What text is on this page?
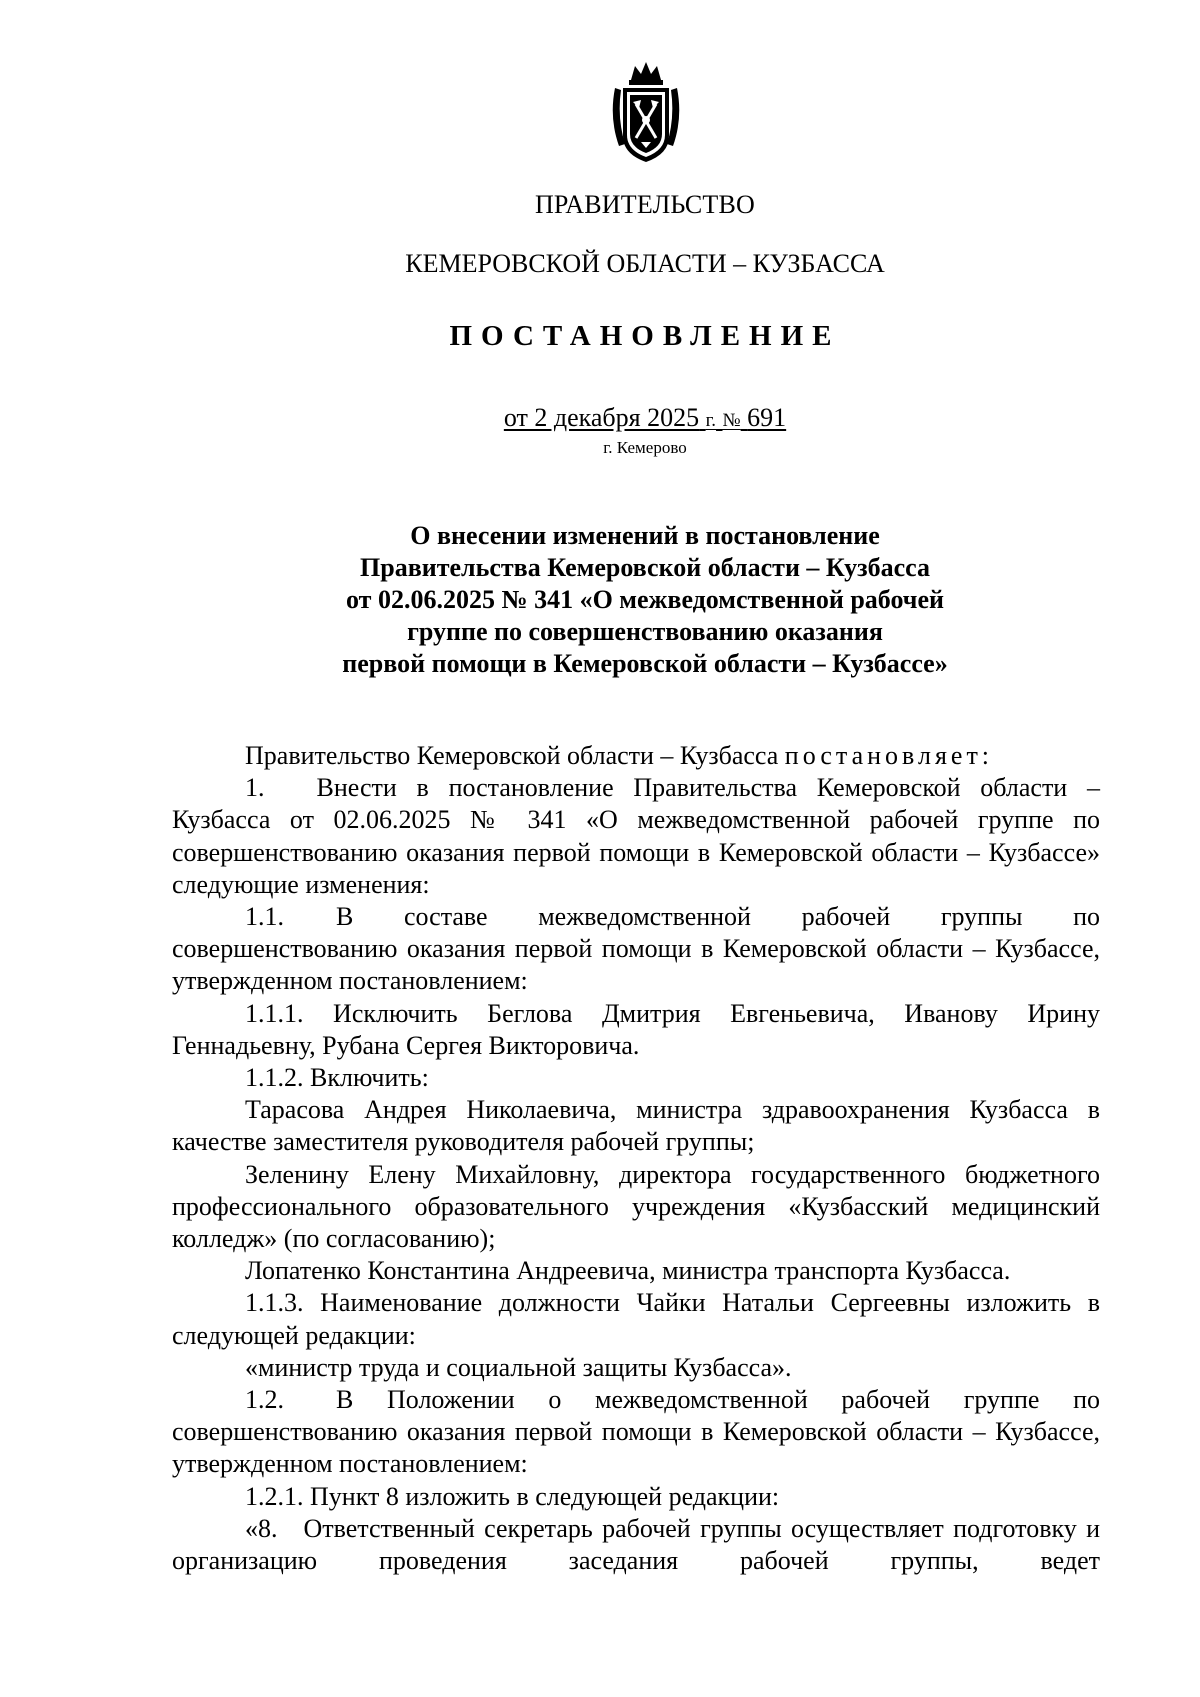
ПРАВИТЕЛЬСТВО
КЕМЕРОВСКОЙ ОБЛАСТИ – КУЗБАССА
ПОСТАНОВЛЕНИЕ
от 2 декабря 2025 г. № 691
г. Кемерово
О внесении изменений в постановление
Правительства Кемеровской области – Кузбасса
от 02.06.2025 № 341 «О межведомственной рабочей
группе по совершенствованию оказания
первой помощи в Кемеровской области – Кузбассе»

Правительство Кемеровской области – Кузбасса постановляет:

1.  Внести в постановление Правительства Кемеровской области – Кузбасса от 02.06.2025 № 341 «О межведомственной рабочей группе по совершенствованию оказания первой помощи в Кемеровской области – Кузбассе» следующие изменения:

1.1.  В составе межведомственной рабочей группы по совершенствованию оказания первой помощи в Кемеровской области – Кузбассе, утвержденном постановлением:

1.1.1. Исключить Беглова Дмитрия Евгеньевича, Иванову Ирину Геннадьевну, Рубана Сергея Викторовича.

1.1.2. Включить:

Тарасова Андрея Николаевича, министра здравоохранения Кузбасса в качестве заместителя руководителя рабочей группы;

Зеленину Елену Михайловну, директора государственного бюджетного профессионального образовательного учреждения «Кузбасский медицинский колледж» (по согласованию);

Лопатенко Константина Андреевича, министра транспорта Кузбасса.

1.1.3. Наименование должности Чайки Натальи Сергеевны изложить в следующей редакции:

«министр труда и социальной защиты Кузбасса».

1.2.  В Положении о межведомственной рабочей группе по совершенствованию оказания первой помощи в Кемеровской области – Кузбассе, утвержденном постановлением:

1.2.1. Пункт 8 изложить в следующей редакции:

«8. Ответственный секретарь рабочей группы осуществляет подготовку и организацию проведения заседания рабочей группы, ведет
